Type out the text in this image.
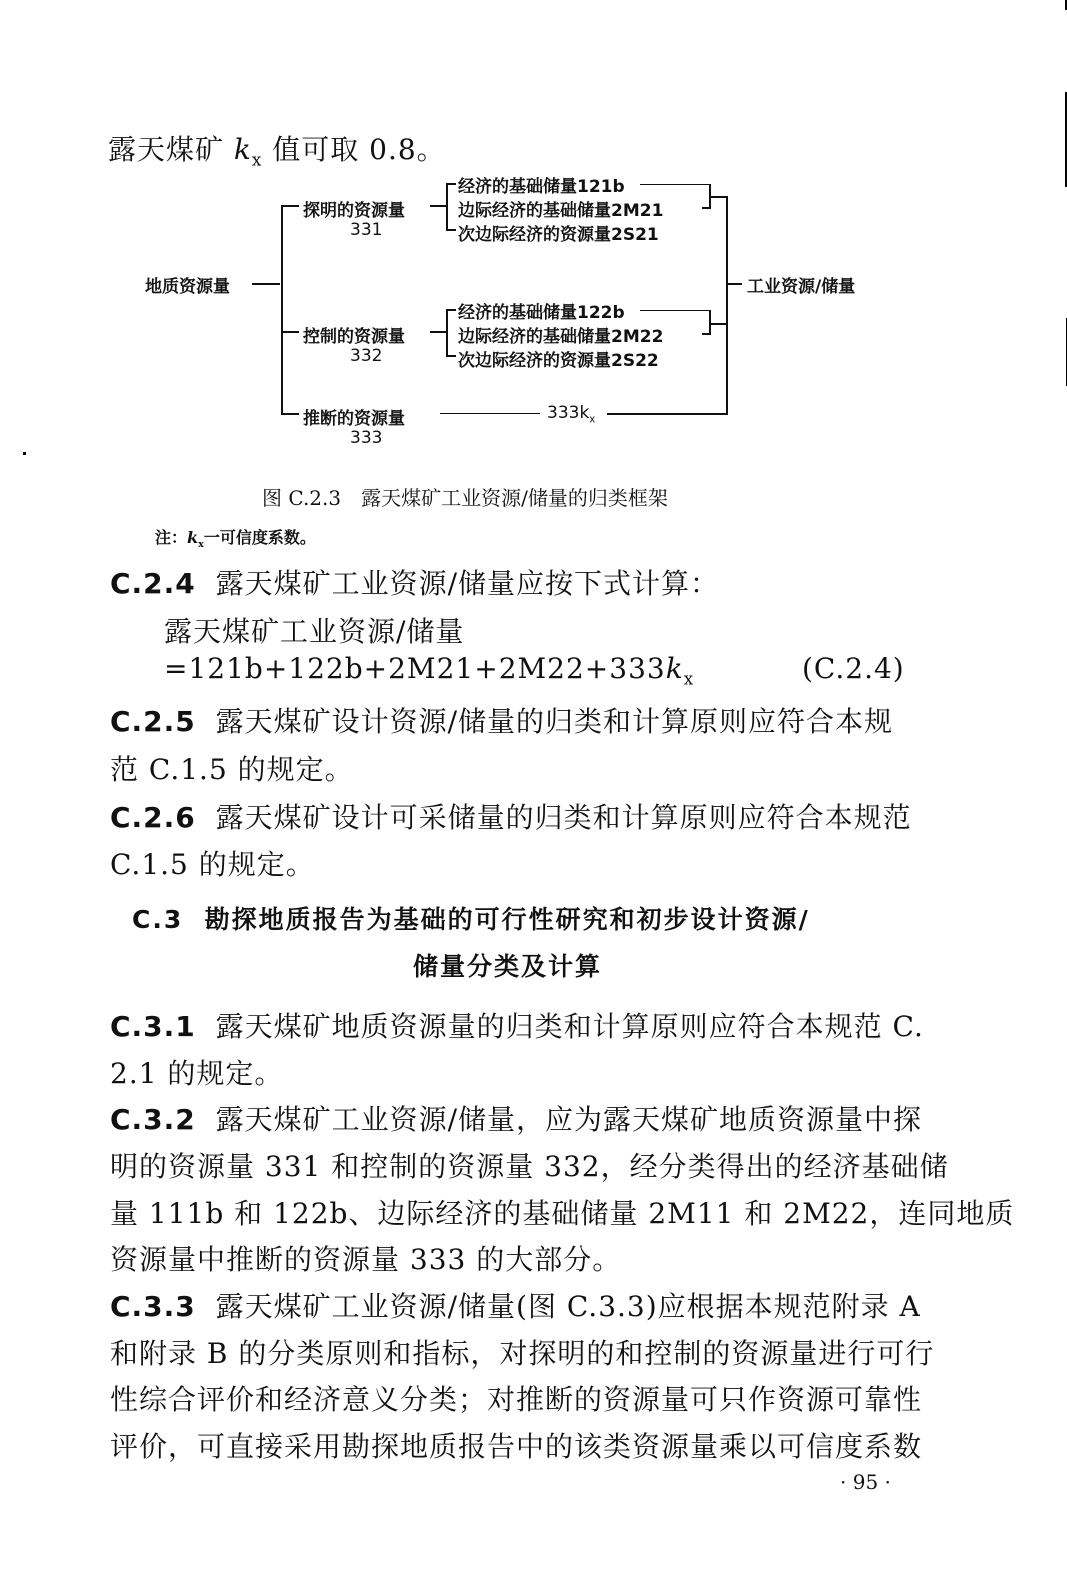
露天煤矿 $k_x$ 值可取 0.8。
地质资源量
探明的资源量
331
经济的基础储量121b
边际经济的基础储量2M21
次边际经济的资源量2S21
控制的资源量
332
经济的基础储量122b
边际经济的基础储量2M22
次边际经济的资源量2S22
推断的资源量
333
$333k_x$
工业资源/储量
图 C.2.3　露天煤矿工业资源/储量的归类框架
注：$k_x$一可信度系数。
C.2.4 露天煤矿工业资源/储量应按下式计算：
露天煤矿工业资源/储量
$=121b+122b+2M21+2M22+333k_x$	(C.2.4)
C.2.5 露天煤矿设计资源/储量的归类和计算原则应符合本规
范 C.1.5 的规定。
C.2.6 露天煤矿设计可采储量的归类和计算原则应符合本规范
C.1.5 的规定。
C.3 勘探地质报告为基础的可行性研究和初步设计资源/
储量分类及计算
C.3.1 露天煤矿地质资源量的归类和计算原则应符合本规范 C.
2.1 的规定。
C.3.2 露天煤矿工业资源/储量，应为露天煤矿地质资源量中探
明的资源量 331 和控制的资源量 332，经分类得出的经济基础储
量 111b 和 122b、边际经济的基础储量 2M11 和 2M22，连同地质
资源量中推断的资源量 333 的大部分。
C.3.3 露天煤矿工业资源/储量(图 C.3.3)应根据本规范附录 A
和附录 B 的分类原则和指标，对探明的和控制的资源量进行可行
性综合评价和经济意义分类；对推断的资源量可只作资源可靠性
评价，可直接采用勘探地质报告中的该类资源量乘以可信度系数
· 95 ·
